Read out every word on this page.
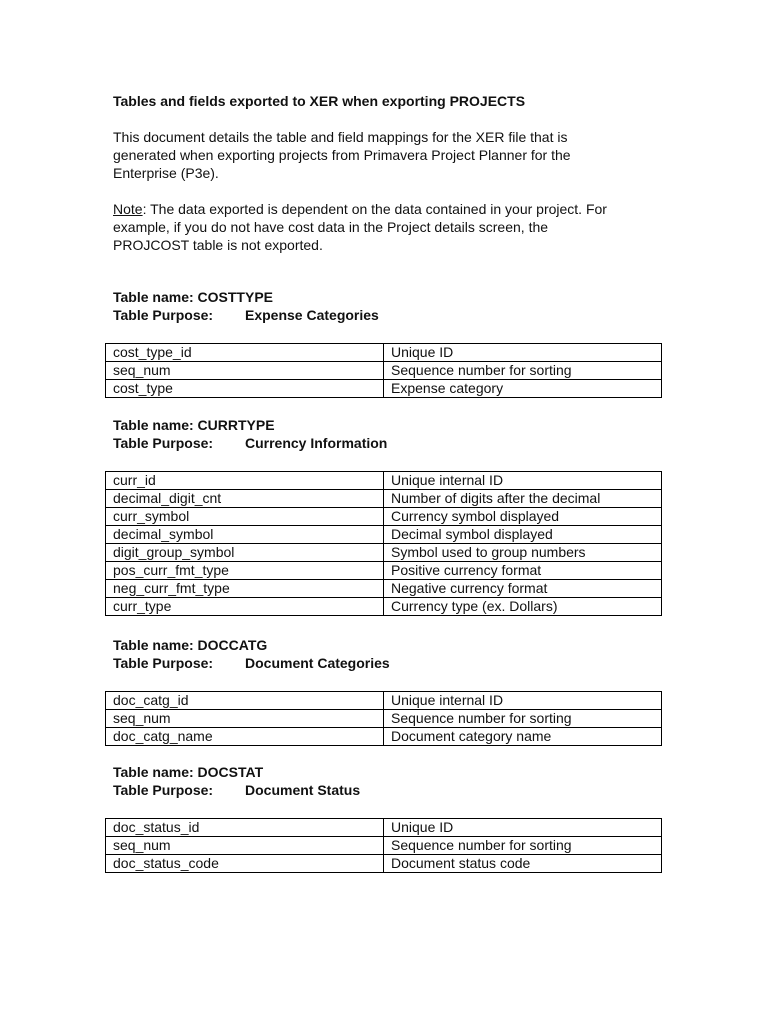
Tables and fields exported to XER when exporting PROJECTS
This document details the table and field mappings for the XER file that is
generated when exporting projects from Primavera Project Planner for the
Enterprise (P3e).
Note: The data exported is dependent on the data contained in your project. For
example, if you do not have cost data in the Project details screen, the
PROJCOST table is not exported.
Table name: COSTTYPE
Table Purpose: Expense Categories
cost_type_id	Unique ID
seq_num	Sequence number for sorting
cost_type	Expense category
Table name: CURRTYPE
Table Purpose: Currency Information
curr_id	Unique internal ID
decimal_digit_cnt	Number of digits after the decimal
curr_symbol	Currency symbol displayed
decimal_symbol	Decimal symbol displayed
digit_group_symbol	Symbol used to group numbers
pos_curr_fmt_type	Positive currency format
neg_curr_fmt_type	Negative currency format
curr_type	Currency type (ex. Dollars)
Table name: DOCCATG
Table Purpose: Document Categories
doc_catg_id	Unique internal ID
seq_num	Sequence number for sorting
doc_catg_name	Document category name
Table name: DOCSTAT
Table Purpose: Document Status
doc_status_id	Unique ID
seq_num	Sequence number for sorting
doc_status_code	Document status code
